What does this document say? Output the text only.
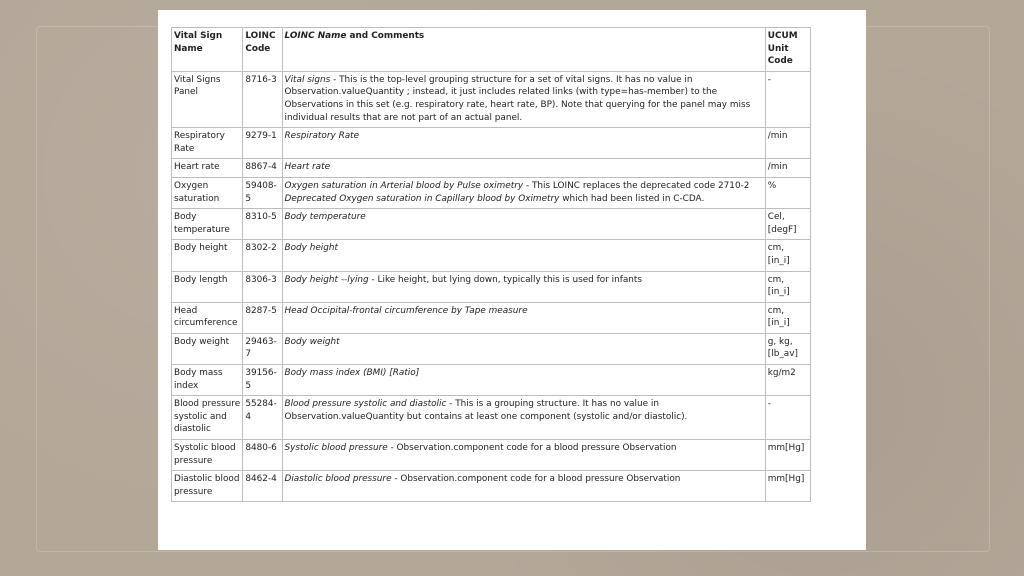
Vital Sign Name	LOINC Code	LOINC Name and Comments	UCUM Unit Code
Vital Signs Panel	8716-3	Vital signs - This is the top-level grouping structure for a set of vital signs. It has no value in Observation.valueQuantity ; instead, it just includes related links (with type=has-member) to the Observations in this set (e.g. respiratory rate, heart rate, BP). Note that querying for the panel may miss individual results that are not part of an actual panel.	-
Respiratory Rate	9279-1	Respiratory Rate	/min
Heart rate	8867-4	Heart rate	/min
Oxygen saturation	59408-5	Oxygen saturation in Arterial blood by Pulse oximetry - This LOINC replaces the deprecated code 2710-2 Deprecated Oxygen saturation in Capillary blood by Oximetry which had been listed in C-CDA.	%
Body temperature	8310-5	Body temperature	Cel, [degF]
Body height	8302-2	Body height	cm, [in_i]
Body length	8306-3	Body height --lying - Like height, but lying down, typically this is used for infants	cm, [in_i]
Head circumference	8287-5	Head Occipital-frontal circumference by Tape measure	cm, [in_i]
Body weight	29463-7	Body weight	g, kg, [lb_av]
Body mass index	39156-5	Body mass index (BMI) [Ratio]	kg/m2
Blood pressure systolic and diastolic	55284-4	Blood pressure systolic and diastolic - This is a grouping structure. It has no value in Observation.valueQuantity but contains at least one component (systolic and/or diastolic).	-
Systolic blood pressure	8480-6	Systolic blood pressure - Observation.component code for a blood pressure Observation	mm[Hg]
Diastolic blood pressure	8462-4	Diastolic blood pressure - Observation.component code for a blood pressure Observation	mm[Hg]
